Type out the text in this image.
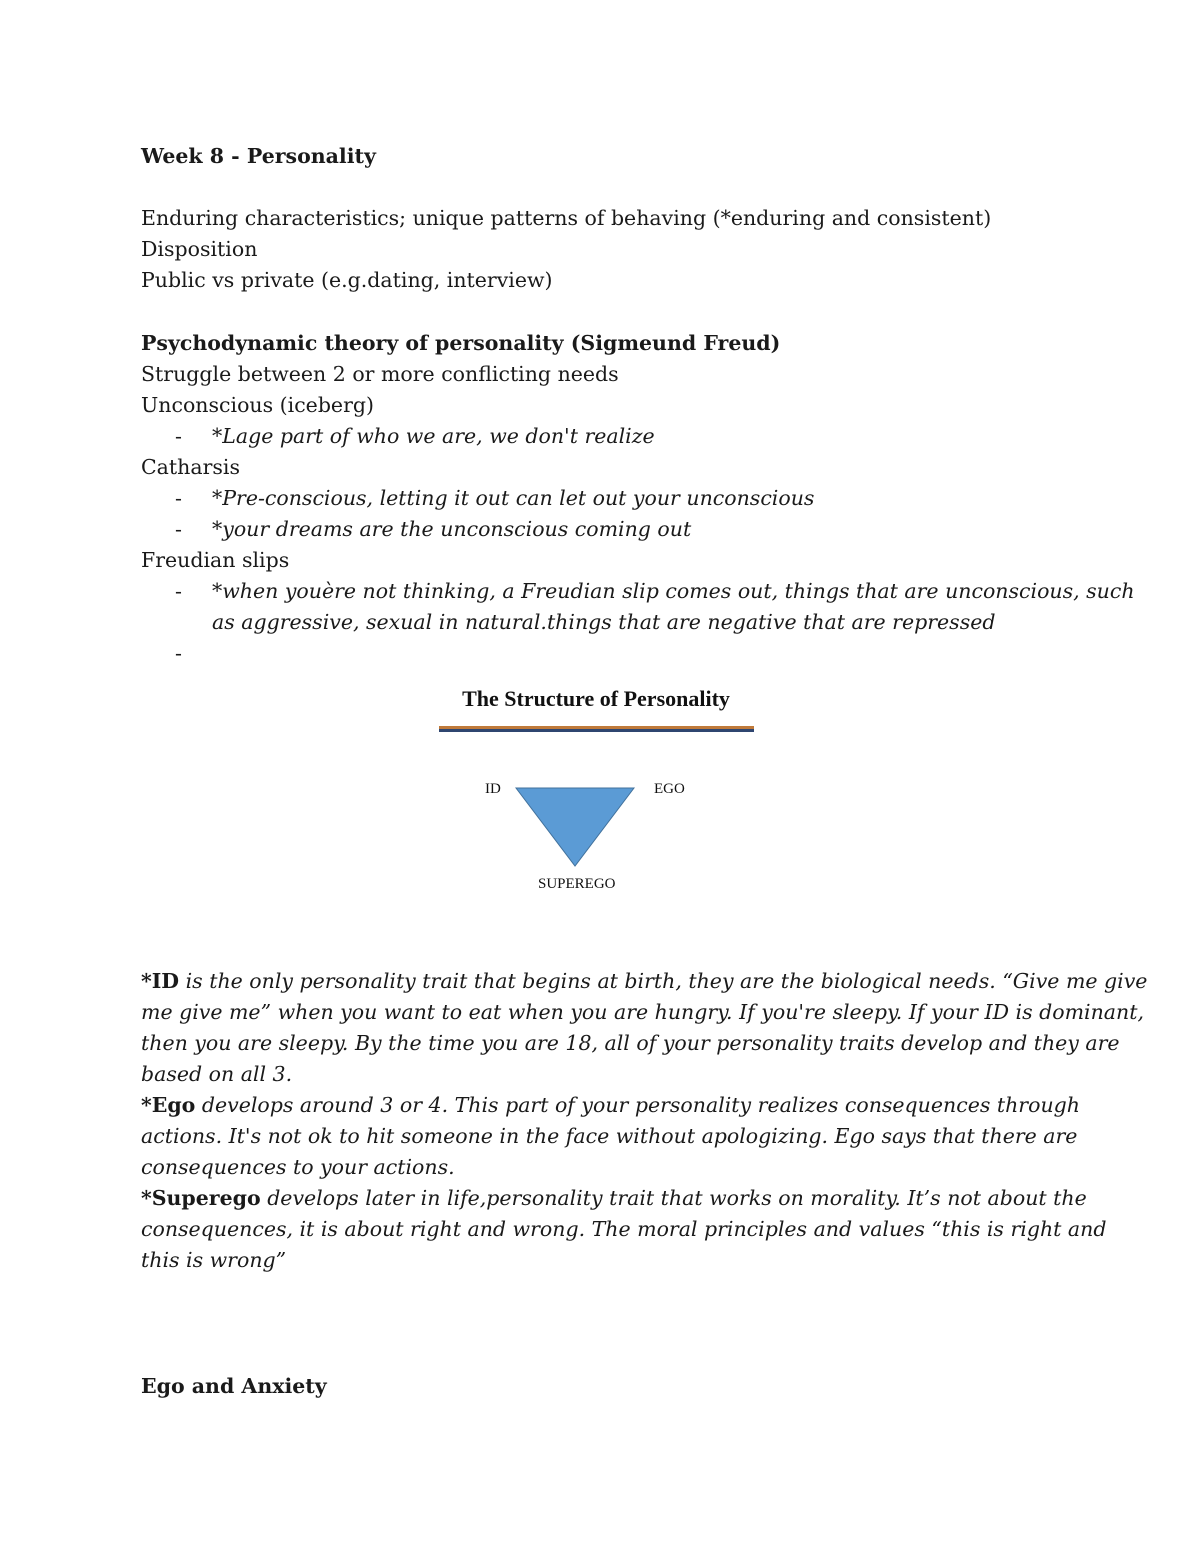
Week 8 - Personality
Enduring characteristics; unique patterns of behaving (*enduring and consistent)
Disposition
Public vs private (e.g.dating, interview)
Psychodynamic theory of personality (Sigmeund Freud)
Struggle between 2 or more conflicting needs
Unconscious (iceberg)
- *Lage part of who we are, we don't realize
Catharsis
- *Pre-conscious, letting it out can let out your unconscious
- *your dreams are the unconscious coming out
Freudian slips
- *when youère not thinking, a Freudian slip comes out, things that are unconscious, such
as aggressive, sexual in natural.things that are negative that are repressed
-
The Structure of Personality
ID	EGO
SUPEREGO
*ID is the only personality trait that begins at birth, they are the biological needs. “Give me give
me give me” when you want to eat when you are hungry. If you're sleepy. If your ID is dominant,
then you are sleepy. By the time you are 18, all of your personality traits develop and they are
based on all 3.
*Ego develops around 3 or 4. This part of your personality realizes consequences through
actions. It's not ok to hit someone in the face without apologizing. Ego says that there are
consequences to your actions.
*Superego develops later in life,personality trait that works on morality. It’s not about the
consequences, it is about right and wrong. The moral principles and values “this is right and
this is wrong”
Ego and Anxiety
